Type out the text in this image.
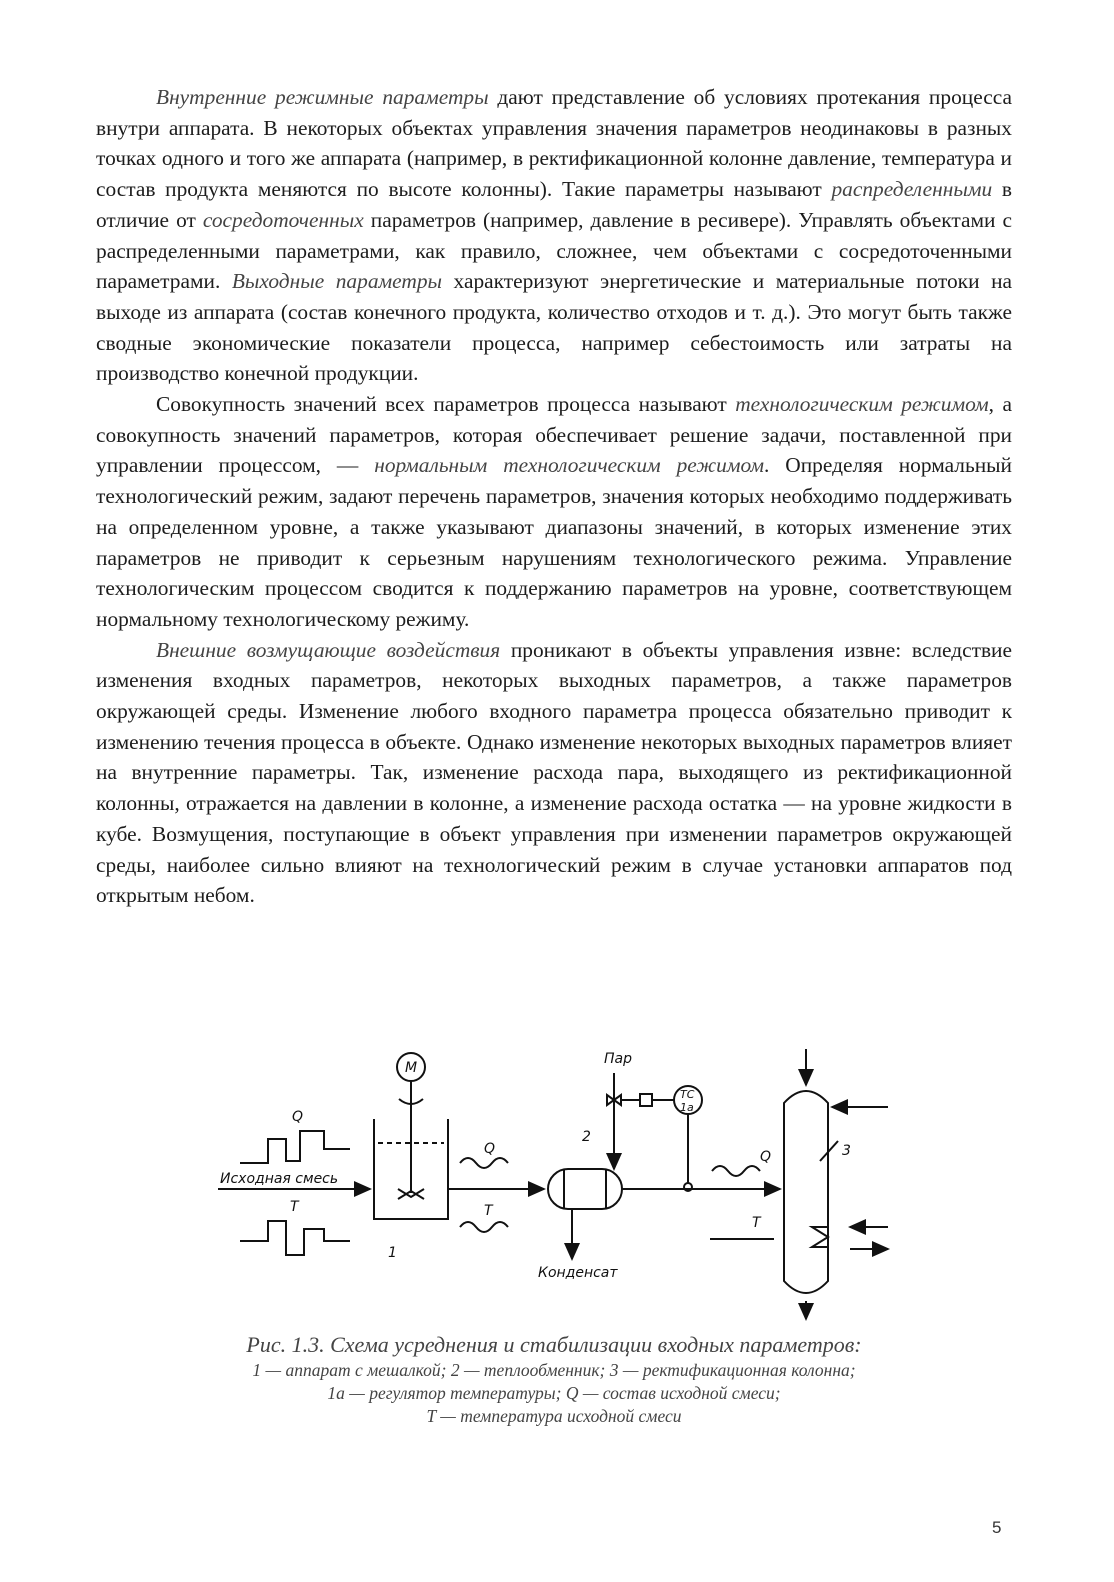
Внутренние режимные параметры дают представление об условиях протекания процесса внутри аппарата. В некоторых объектах управления значения параметров неодинаковы в разных точках одного и того же аппарата (например, в ректификационной колонне давление, температура и состав продукта меняются по высоте колонны). Такие параметры называют распределенными в отличие от сосредоточенных параметров (например, давление в ресивере). Управлять объектами с распределенными параметрами, как правило, сложнее, чем объектами с сосредоточенными параметрами. Выходные параметры характеризуют энергетические и материальные потоки на выходе из аппарата (состав конечного продукта, количество отходов и т. д.). Это могут быть также сводные экономические показатели процесса, например себестоимость или затраты на производство конечной продукции.

Совокупность значений всех параметров процесса называют технологическим режимом, а совокупность значений параметров, которая обеспечивает решение задачи, поставленной при управлении процессом, — нормальным технологическим режимом. Определяя нормальный технологический режим, задают перечень параметров, значения которых необходимо поддерживать на определенном уровне, а также указывают диапазоны значений, в которых изменение этих параметров не приводит к серьезным нарушениям технологического режима. Управление технологическим процессом сводится к поддержанию параметров на уровне, соответствующем нормальному технологическому режиму.

Внешние возмущающие воздействия проникают в объекты управления извне: вследствие изменения входных параметров, некоторых выходных параметров, а также параметров окружающей среды. Изменение любого входного параметра процесса обязательно приводит к изменению течения процесса в объекте. Однако изменение некоторых выходных параметров влияет на внутренние параметры. Так, изменение расхода пара, выходящего из ректификационной колонны, отражается на давлении в колонне, а изменение расхода остатка — на уровне жидкости в кубе. Возмущения, поступающие в объект управления при изменении параметров окружающей среды, наиболее сильно влияют на технологический режим в случае установки аппаратов под открытым небом.

M
Q
T
Исходная смесь
Q
T
1
2
3
Пар
TC
1a
Конденсат
Q
T
Рис. 1.3. Схема усреднения и стабилизации входных параметров:
1 — аппарат с мешалкой; 2 — теплообменник; 3 — ректификационная колонна;
1а — регулятор температуры; Q — состав исходной смеси;
T — температура исходной смеси
5
